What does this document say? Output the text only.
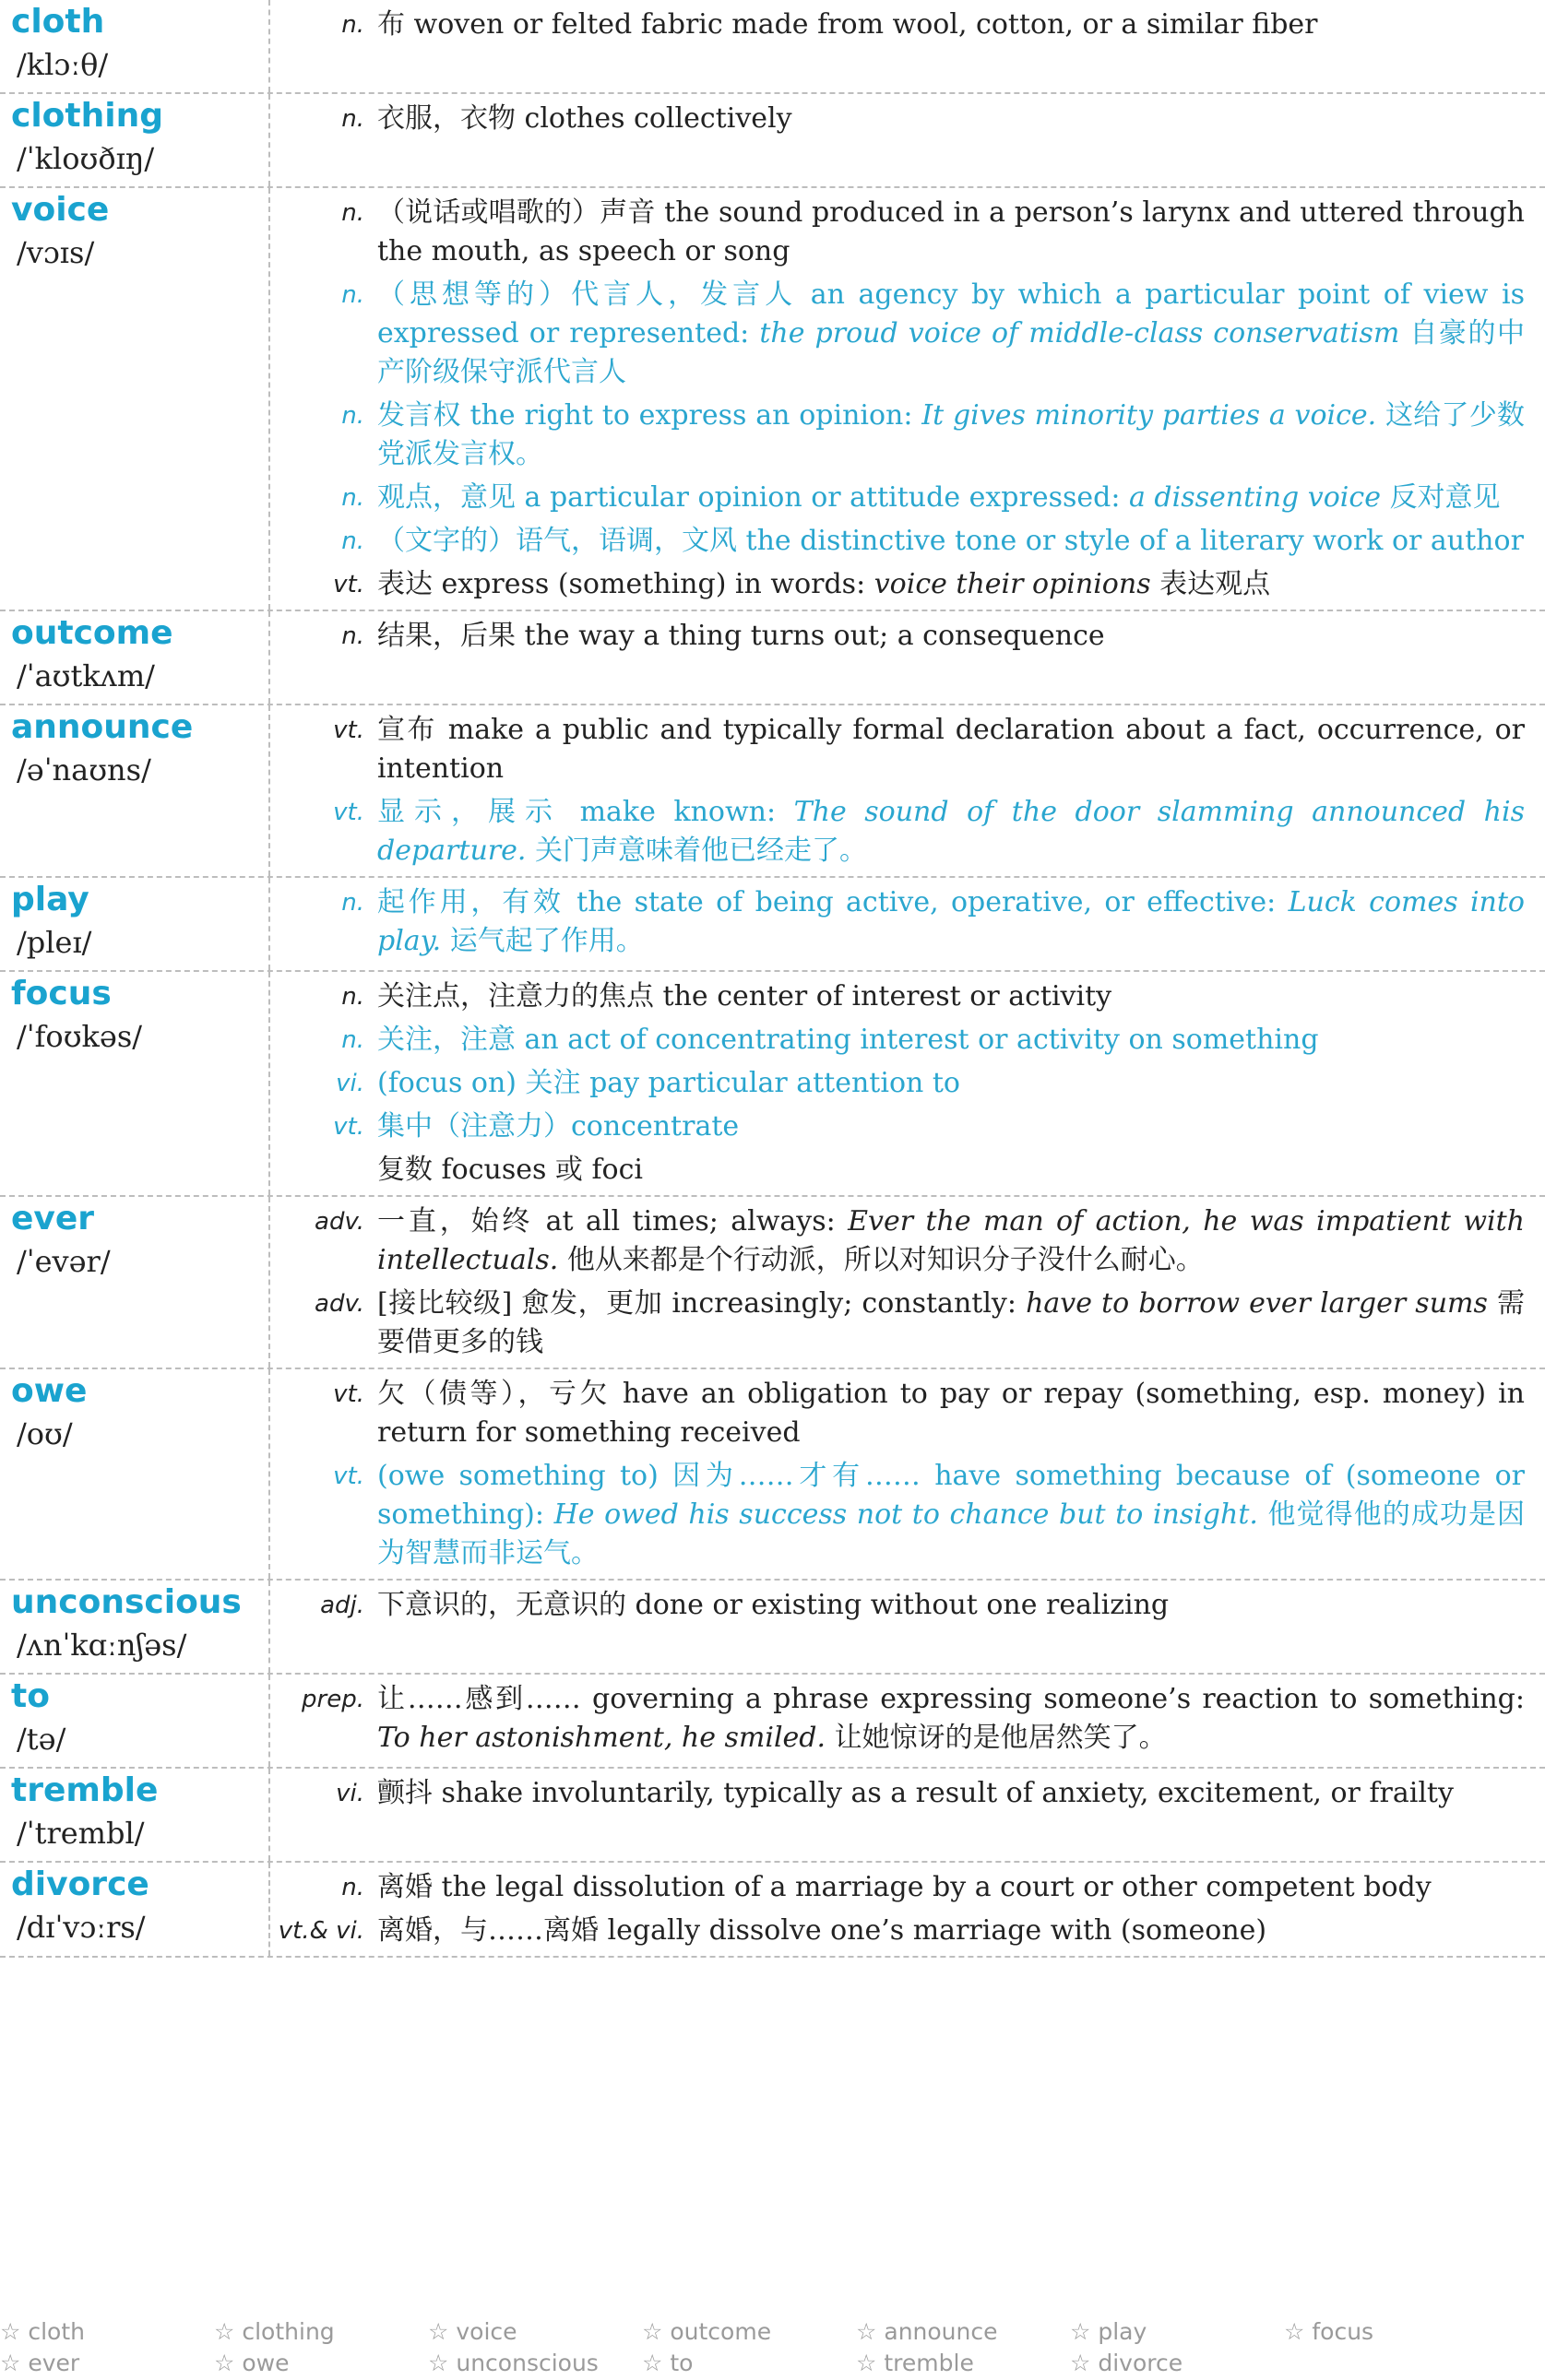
cloth
/klɔːθ/
n. 布 woven or felted fabric made from wool, cotton, or a similar fiber
clothing
/ˈkloʊðɪŋ/
n. 衣服，衣物 clothes collectively
voice
/vɔɪs/
n. （说话或唱歌的）声音 the sound produced in a person’s larynx and uttered through the mouth, as speech or song
n. （思想等的）代言人，发言人 an agency by which a particular point of view is expressed or represented: the proud voice of middle-class conservatism 自豪的中产阶级保守派代言人
n. 发言权 the right to express an opinion: It gives minority parties a voice. 这给了少数党派发言权。
n. 观点，意见 a particular opinion or attitude expressed: a dissenting voice 反对意见
n. （文字的）语气，语调，文风 the distinctive tone or style of a literary work or author
vt. 表达 express (something) in words: voice their opinions 表达观点
outcome
/ˈaʊtkʌm/
n. 结果，后果 the way a thing turns out; a consequence
announce
/əˈnaʊns/
vt. 宣布 make a public and typically formal declaration about a fact, occurrence, or intention
vt. 显示，展示 make known: The sound of the door slamming announced his departure. 关门声意味着他已经走了。
play
/pleɪ/
n. 起作用，有效 the state of being active, operative, or effective: Luck comes into play. 运气起了作用。
focus
/ˈfoʊkəs/
n. 关注点，注意力的焦点 the center of interest or activity
n. 关注，注意 an act of concentrating interest or activity on something
vi. (focus on) 关注 pay particular attention to
vt. 集中（注意力）concentrate
复数 focuses 或 foci
ever
/ˈevər/
adv. 一直，始终 at all times; always: Ever the man of action, he was impatient with intellectuals. 他从来都是个行动派，所以对知识分子没什么耐心。
adv. [接比较级] 愈发，更加 increasingly; constantly: have to borrow ever larger sums 需要借更多的钱
owe
/oʊ/
vt. 欠（债等），亏欠 have an obligation to pay or repay (something, esp. money) in return for something received
vt. (owe something to) 因为……才有…… have something because of (someone or something): He owed his success not to chance but to insight. 他觉得他的成功是因为智慧而非运气。
unconscious
/ʌnˈkɑːnʃəs/
adj. 下意识的，无意识的 done or existing without one realizing
to
/tə/
prep. 让……感到…… governing a phrase expressing someone’s reaction to something: To her astonishment, he smiled. 让她惊讶的是他居然笑了。
tremble
/ˈtrembl/
vi. 颤抖 shake involuntarily, typically as a result of anxiety, excitement, or frailty
divorce
/dɪˈvɔːrs/
n. 离婚 the legal dissolution of a marriage by a court or other competent body
vt.& vi. 离婚，与……离婚 legally dissolve one’s marriage with (someone)
☆ cloth	☆ clothing	☆ voice	☆ outcome	☆ announce	☆ play	☆ focus
☆ ever	☆ owe	☆ unconscious ☆ to	☆ tremble	☆ divorce
